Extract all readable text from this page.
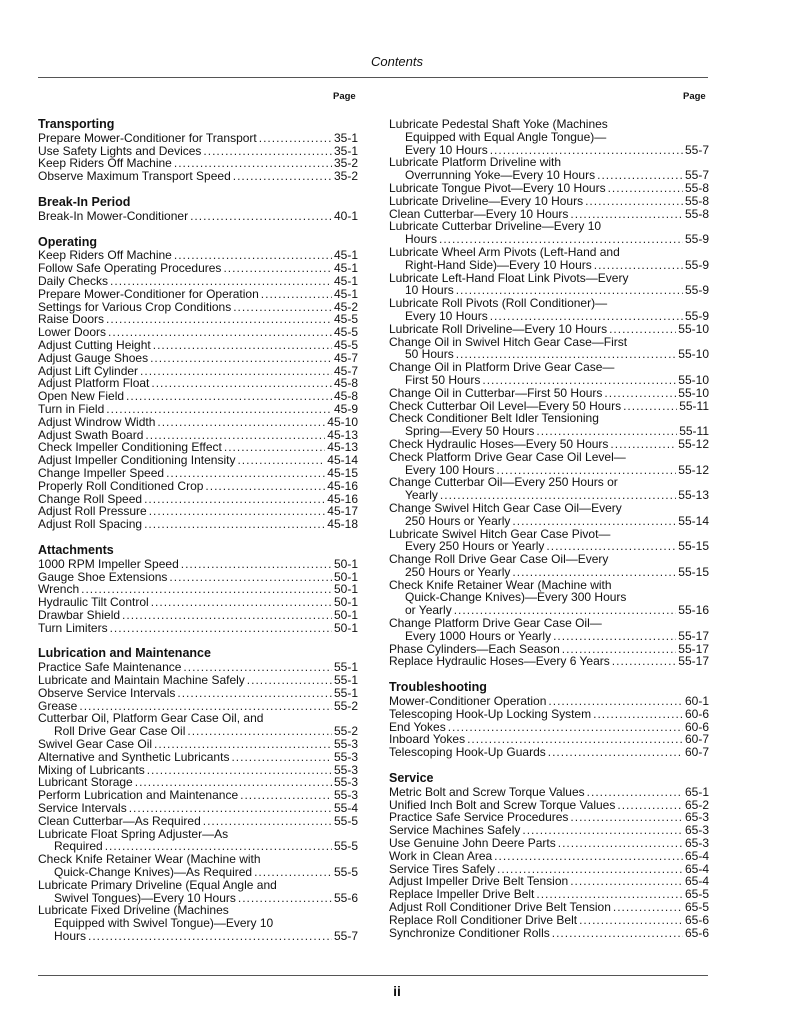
Contents
Page	Page
Transporting
Prepare Mower-Conditioner for Transport .....	35-1
Use Safety Lights and Devices .....	35-1
Keep Riders Off Machine .....	35-2
Observe Maximum Transport Speed .....	35-2
Break-In Period
Break-In Mower-Conditioner .....	40-1
Operating
Keep Riders Off Machine .....	45-1
Follow Safe Operating Procedures .....	45-1
Daily Checks .....	45-1
Prepare Mower-Conditioner for Operation .....	45-1
Settings for Various Crop Conditions .....	45-2
Raise Doors .....	45-5
Lower Doors .....	45-5
Adjust Cutting Height .....	45-5
Adjust Gauge Shoes .....	45-7
Adjust Lift Cylinder .....	45-7
Adjust Platform Float .....	45-8
Open New Field .....	45-8
Turn in Field .....	45-9
Adjust Windrow Width .....	45-10
Adjust Swath Board .....	45-13
Check Impeller Conditioning Effect .....	45-13
Adjust Impeller Conditioning Intensity .....	45-14
Change Impeller Speed .....	45-15
Properly Roll Conditioned Crop .....	45-16
Change Roll Speed .....	45-16
Adjust Roll Pressure .....	45-17
Adjust Roll Spacing .....	45-18
Attachments
1000 RPM Impeller Speed .....	50-1
Gauge Shoe Extensions .....	50-1
Wrench .....	50-1
Hydraulic Tilt Control .....	50-1
Drawbar Shield .....	50-1
Turn Limiters .....	50-1
Lubrication and Maintenance
Practice Safe Maintenance .....	55-1
Lubricate and Maintain Machine Safely .....	55-1
Observe Service Intervals .....	55-1
Grease .....	55-2
Cutterbar Oil, Platform Gear Case Oil, and
Roll Drive Gear Case Oil .....	55-2
Swivel Gear Case Oil .....	55-3
Alternative and Synthetic Lubricants .....	55-3
Mixing of Lubricants .....	55-3
Lubricant Storage .....	55-3
Perform Lubrication and Maintenance .....	55-3
Service Intervals .....	55-4
Clean Cutterbar—As Required .....	55-5
Lubricate Float Spring Adjuster—As
Required .....	55-5
Check Knife Retainer Wear (Machine with
Quick-Change Knives)—As Required .....	55-5
Lubricate Primary Driveline (Equal Angle and
Swivel Tongues)—Every 10 Hours .....	55-6
Lubricate Fixed Driveline (Machines
Equipped with Swivel Tongue)—Every 10
Hours .....	55-7
Lubricate Pedestal Shaft Yoke (Machines
Equipped with Equal Angle Tongue)—
Every 10 Hours .....	55-7
Lubricate Platform Driveline with
Overrunning Yoke—Every 10 Hours .....	55-7
Lubricate Tongue Pivot—Every 10 Hours .....	55-8
Lubricate Driveline—Every 10 Hours .....	55-8
Clean Cutterbar—Every 10 Hours .....	55-8
Lubricate Cutterbar Driveline—Every 10
Hours .....	55-9
Lubricate Wheel Arm Pivots (Left-Hand and
Right-Hand Side)—Every 10 Hours .....	55-9
Lubricate Left-Hand Float Link Pivots—Every
10 Hours .....	55-9
Lubricate Roll Pivots (Roll Conditioner)—
Every 10 Hours .....	55-9
Lubricate Roll Driveline—Every 10 Hours .....	55-10
Change Oil in Swivel Hitch Gear Case—First
50 Hours .....	55-10
Change Oil in Platform Drive Gear Case—
First 50 Hours .....	55-10
Change Oil in Cutterbar—First 50 Hours .....	55-10
Check Cutterbar Oil Level—Every 50 Hours .....	55-11
Check Conditioner Belt Idler Tensioning
Spring—Every 50 Hours .....	55-11
Check Hydraulic Hoses—Every 50 Hours .....	55-12
Check Platform Drive Gear Case Oil Level—
Every 100 Hours .....	55-12
Change Cutterbar Oil—Every 250 Hours or
Yearly .....	55-13
Change Swivel Hitch Gear Case Oil—Every
250 Hours or Yearly .....	55-14
Lubricate Swivel Hitch Gear Case Pivot—
Every 250 Hours or Yearly .....	55-15
Change Roll Drive Gear Case Oil—Every
250 Hours or Yearly .....	55-15
Check Knife Retainer Wear (Machine with
Quick-Change Knives)—Every 300 Hours
or Yearly .....	55-16
Change Platform Drive Gear Case Oil—
Every 1000 Hours or Yearly .....	55-17
Phase Cylinders—Each Season .....	55-17
Replace Hydraulic Hoses—Every 6 Years .....	55-17
Troubleshooting
Mower-Conditioner Operation .....	60-1
Telescoping Hook-Up Locking System .....	60-6
End Yokes .....	60-6
Inboard Yokes .....	60-7
Telescoping Hook-Up Guards .....	60-7
Service
Metric Bolt and Screw Torque Values .....	65-1
Unified Inch Bolt and Screw Torque Values .....	65-2
Practice Safe Service Procedures .....	65-3
Service Machines Safely .....	65-3
Use Genuine John Deere Parts .....	65-3
Work in Clean Area .....	65-4
Service Tires Safely .....	65-4
Adjust Impeller Drive Belt Tension .....	65-4
Replace Impeller Drive Belt .....	65-5
Adjust Roll Conditioner Drive Belt Tension .....	65-5
Replace Roll Conditioner Drive Belt .....	65-6
Synchronize Conditioner Rolls .....	65-6
ii
